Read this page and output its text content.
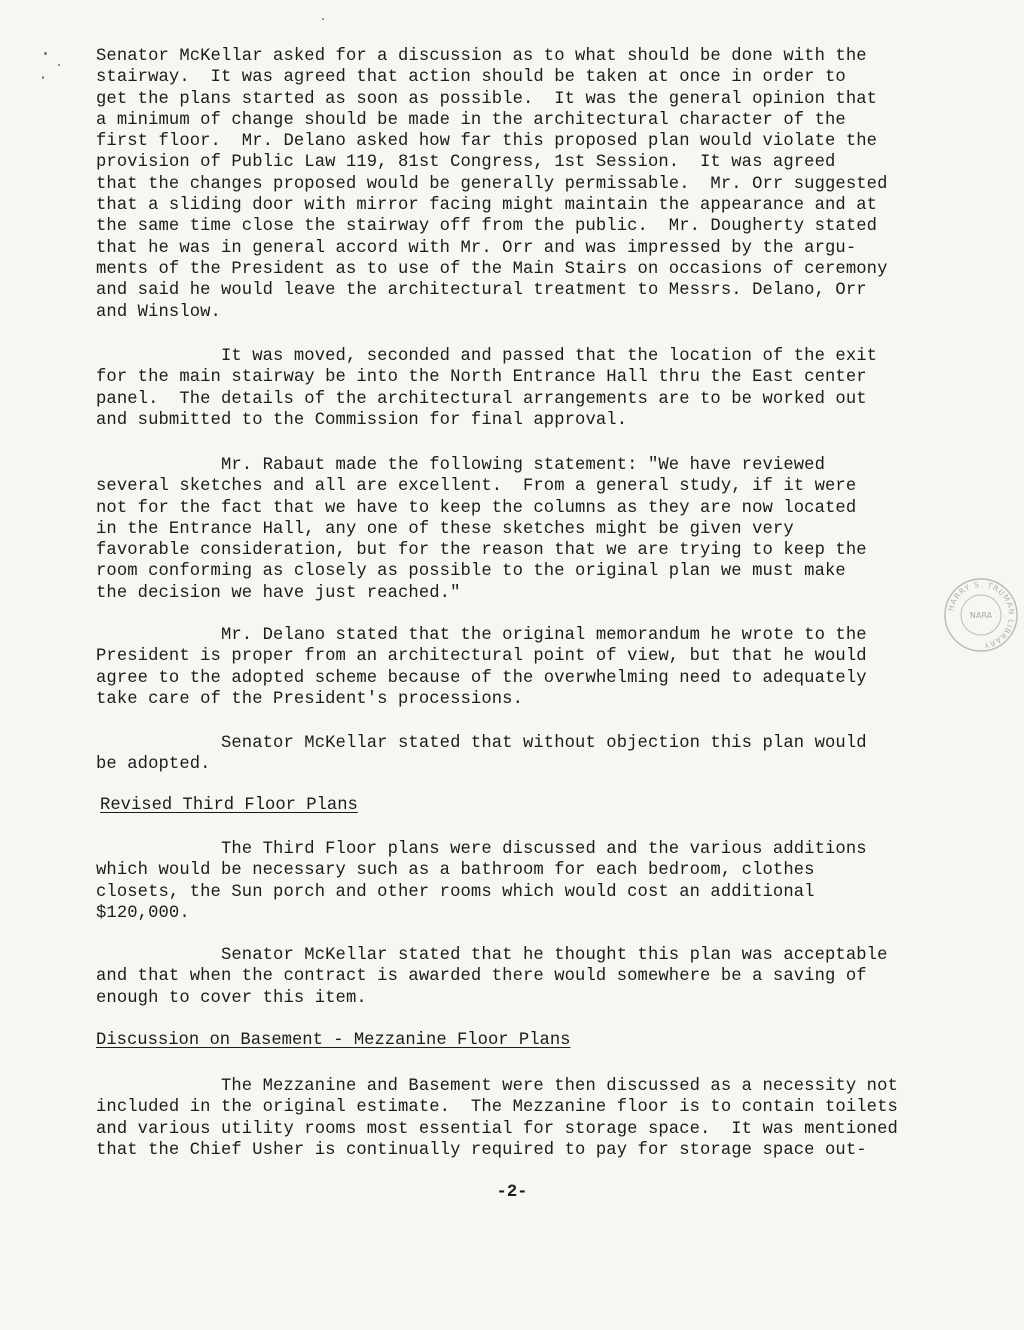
Senator McKellar asked for a discussion as to what should be done with the
stairway.  It was agreed that action should be taken at once in order to
get the plans started as soon as possible.  It was the general opinion that
a minimum of change should be made in the architectural character of the
first floor.  Mr. Delano asked how far this proposed plan would violate the
provision of Public Law 119, 81st Congress, 1st Session.  It was agreed
that the changes proposed would be generally permissable.  Mr. Orr suggested
that a sliding door with mirror facing might maintain the appearance and at
the same time close the stairway off from the public.  Mr. Dougherty stated
that he was in general accord with Mr. Orr and was impressed by the argu-
ments of the President as to use of the Main Stairs on occasions of ceremony
and said he would leave the architectural treatment to Messrs. Delano, Orr
and Winslow.

It was moved, seconded and passed that the location of the exit
for the main stairway be into the North Entrance Hall thru the East center
panel.  The details of the architectural arrangements are to be worked out
and submitted to the Commission for final approval.

Mr. Rabaut made the following statement: "We have reviewed
several sketches and all are excellent.  From a general study, if it were
not for the fact that we have to keep the columns as they are now located
in the Entrance Hall, any one of these sketches might be given very
favorable consideration, but for the reason that we are trying to keep the
room conforming as closely as possible to the original plan we must make
the decision we have just reached."

Mr. Delano stated that the original memorandum he wrote to the
President is proper from an architectural point of view, but that he would
agree to the adopted scheme because of the overwhelming need to adequately
take care of the President's processions.

Senator McKellar stated that without objection this plan would
be adopted.

Revised Third Floor Plans

The Third Floor plans were discussed and the various additions
which would be necessary such as a bathroom for each bedroom, clothes
closets, the Sun porch and other rooms which would cost an additional
$120,000.

Senator McKellar stated that he thought this plan was acceptable
and that when the contract is awarded there would somewhere be a saving of
enough to cover this item.

Discussion on Basement - Mezzanine Floor Plans

The Mezzanine and Basement were then discussed as a necessity not
included in the original estimate.  The Mezzanine floor is to contain toilets
and various utility rooms most essential for storage space.  It was mentioned
that the Chief Usher is continually required to pay for storage space out-

-2-
HARRY S. TRUMAN LIBRARY
NARA
